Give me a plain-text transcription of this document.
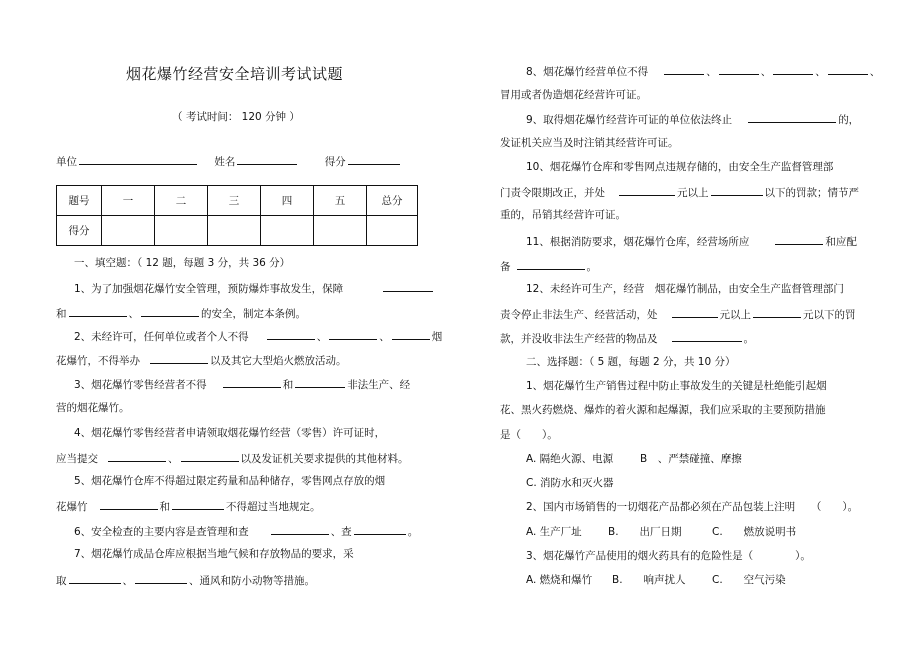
烟花爆竹经营安全培训考试试题
（ 考试时间： 120 分钟 ）
单位	姓名	得分
题号	一	二	三	四	五	总分
得分						
一、填空题：（ 12 题，每题 3 分，共 36 分）
1、为了加强烟花爆竹安全管理，预防爆炸事故发生，保障
和	、	的安全，制定本条例。
2、未经许可，任何单位或者个人不得	、	、	烟
花爆竹，不得举办	以及其它大型焰火燃放活动。
3、烟花爆竹零售经营者不得	和	非法生产、经
营的烟花爆竹。
4、烟花爆竹零售经营者申请领取烟花爆竹经营（零售）许可证时，
应当提交	、	以及发证机关要求提供的其他材料。
5、烟花爆竹仓库不得超过限定药量和品种储存，零售网点存放的烟
花爆竹	和	不得超过当地规定。
6、安全检查的主要内容是查管理和查	、查	。
7、烟花爆竹成品仓库应根据当地气候和存放物品的要求，采
取	、	、通风和防小动物等措施。
8、烟花爆竹经营单位不得	、	、	、	、
冒用或者伪造烟花经营许可证。
9、取得烟花爆竹经营许可证的单位依法终止	的，
发证机关应当及时注销其经营许可证。
10、烟花爆竹仓库和零售网点违规存储的，由安全生产监督管理部
门责令限期改正，并处	元以上	以下的罚款；情节严
重的，吊销其经营许可证。
11、根据消防要求，烟花爆竹仓库，经营场所应	和应配
备	。
12、未经许可生产，经营　烟花爆竹制品，由安全生产监督管理部门
责令停止非法生产、经营活动，处	元以上	元以下的罚
款，并没收非法生产经营的物品及	。
二、选择题：（ 5 题，每题 2 分，共 10 分）
1、烟花爆竹生产销售过程中防止事故发生的关键是杜绝能引起烟
花、黑火药燃烧、爆炸的着火源和起爆源，我们应采取的主要预防措施
是（　　）。
A. 隔绝火源、电源	B　、严禁碰撞、摩擦
C. 消防水和灭火器
2、国内市场销售的一切烟花产品都必须在产品包装上注明　　（　　）。
A. 生产厂址	B.　　出厂日期	C.　　燃放说明书
3、烟花爆竹产品使用的烟火药具有的危险性是（　　　　）。
A. 燃烧和爆竹 B.　　响声扰人	C.　　空气污染
